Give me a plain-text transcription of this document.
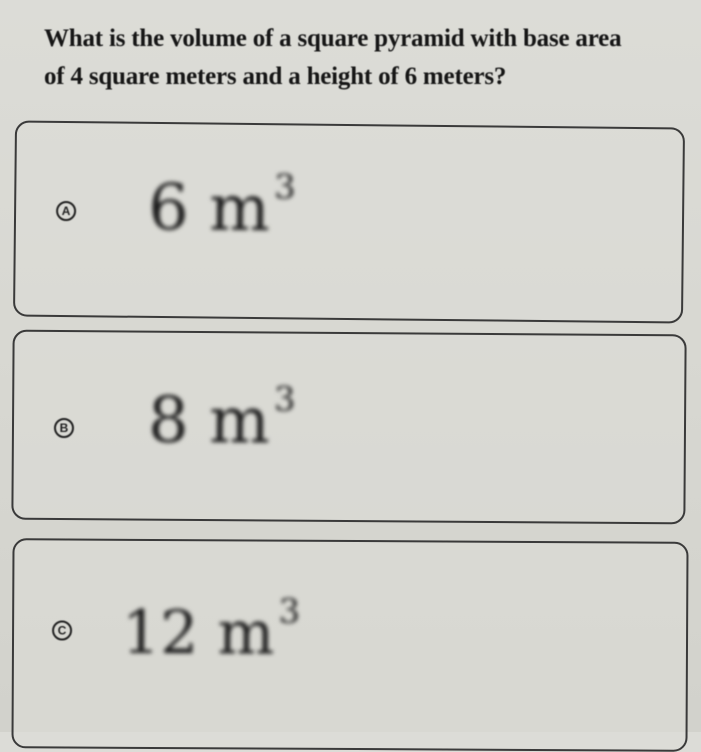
What is the volume of a square pyramid with base area of 4 square meters and a height of 6 meters?
A 6 m $^3$
B 8 m $^3$
C 12 m $^3$
